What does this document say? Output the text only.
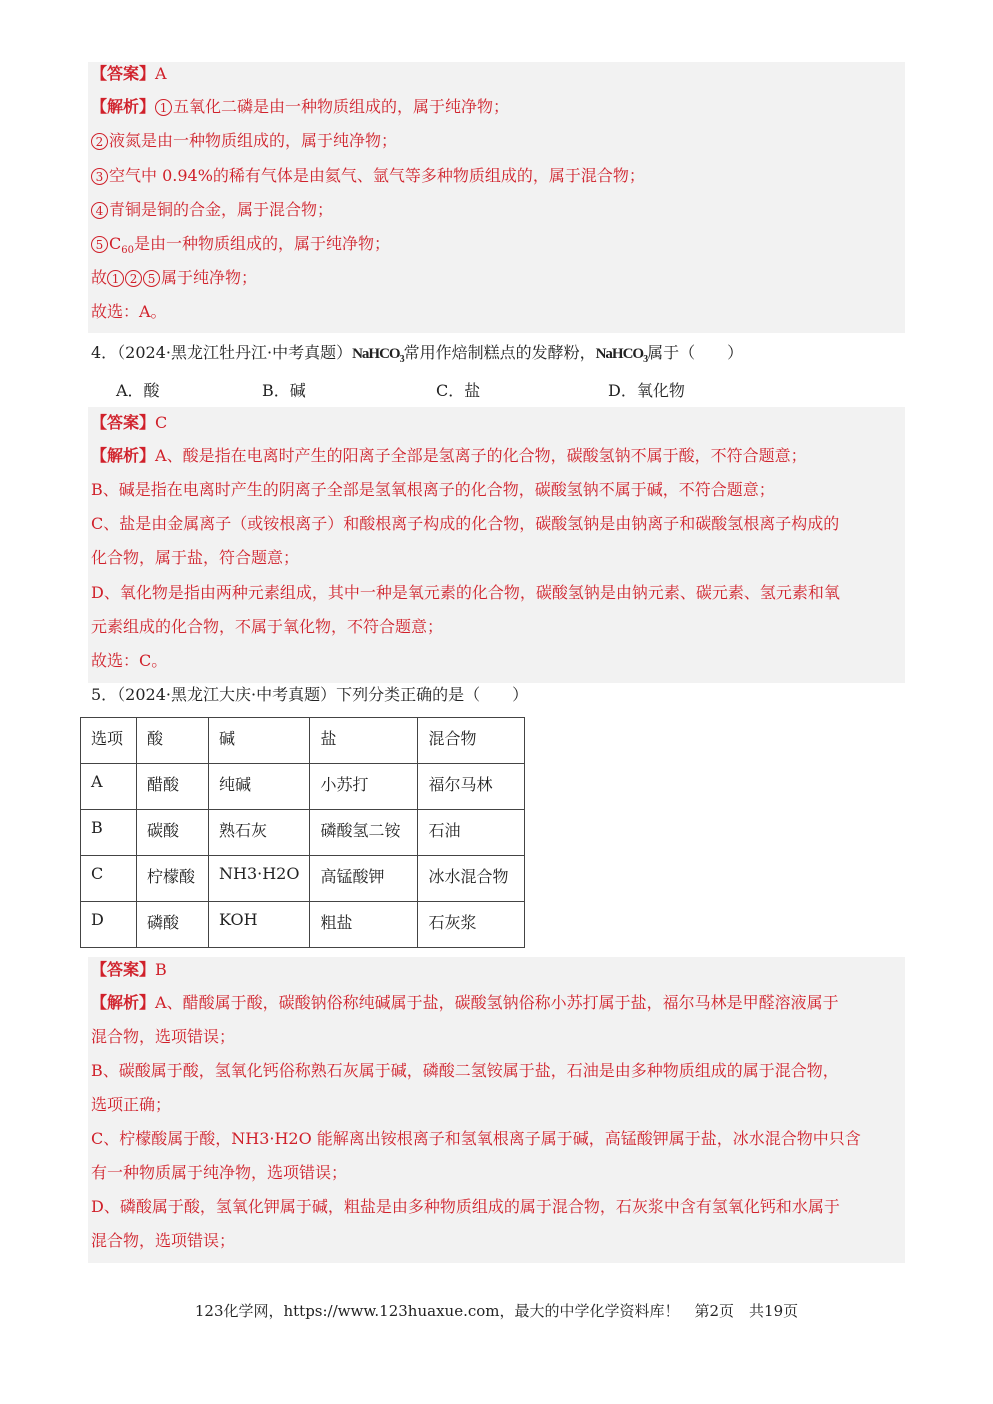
【答案】A
【解析】 1 五氧化二磷是由一种物质组成的，属于纯净物；
2 液氮是由一种物质组成的，属于纯净物；
3 空气中 0.94%的稀有气体是由氦气、氩气等多种物质组成的，属于混合物；
4 青铜是铜的合金，属于混合物；
5 $C_{60}$是由一种物质组成的，属于纯净物；
故 1 2 5 属于纯净物；
故选：A。
4．（2024·黑龙江牡丹江·中考真题）NaHCO$_3$常用作焙制糕点的发酵粉，NaHCO$_3$属于（　　）
A．酸	B．碱	C．盐	D．氧化物
【答案】C
【解析】A、酸是指在电离时产生的阳离子全部是氢离子的化合物，碳酸氢钠不属于酸，不符合题意；
B、碱是指在电离时产生的阴离子全部是氢氧根离子的化合物，碳酸氢钠不属于碱，不符合题意；
C、盐是由金属离子（或铵根离子）和酸根离子构成的化合物，碳酸氢钠是由钠离子和碳酸氢根离子构成的
化合物，属于盐，符合题意；
D、氧化物是指由两种元素组成，其中一种是氧元素的化合物，碳酸氢钠是由钠元素、碳元素、氢元素和氧
元素组成的化合物，不属于氧化物，不符合题意；
故选：C。
5．（2024·黑龙江大庆·中考真题）下列分类正确的是（　　）
选项	酸	碱	盐	混合物
A	醋酸	纯碱	小苏打	福尔马林
B	碳酸	熟石灰	磷酸氢二铵	石油
C	柠檬酸	NH3·H2O	高锰酸钾	冰水混合物
D	磷酸	KOH	粗盐	石灰浆
【答案】B
【解析】A、醋酸属于酸，碳酸钠俗称纯碱属于盐，碳酸氢钠俗称小苏打属于盐，福尔马林是甲醛溶液属于
混合物，选项错误；
B、碳酸属于酸，氢氧化钙俗称熟石灰属于碱，磷酸二氢铵属于盐，石油是由多种物质组成的属于混合物，
选项正确；
C、柠檬酸属于酸，NH3·H2O 能解离出铵根离子和氢氧根离子属于碱，高锰酸钾属于盐，冰水混合物中只含
有一种物质属于纯净物，选项错误；
D、磷酸属于酸，氢氧化钾属于碱，粗盐是由多种物质组成的属于混合物，石灰浆中含有氢氧化钙和水属于
混合物，选项错误；
123化学网，https://www.123huaxue.com，最大的中学化学资料库！　第2页　共19页
